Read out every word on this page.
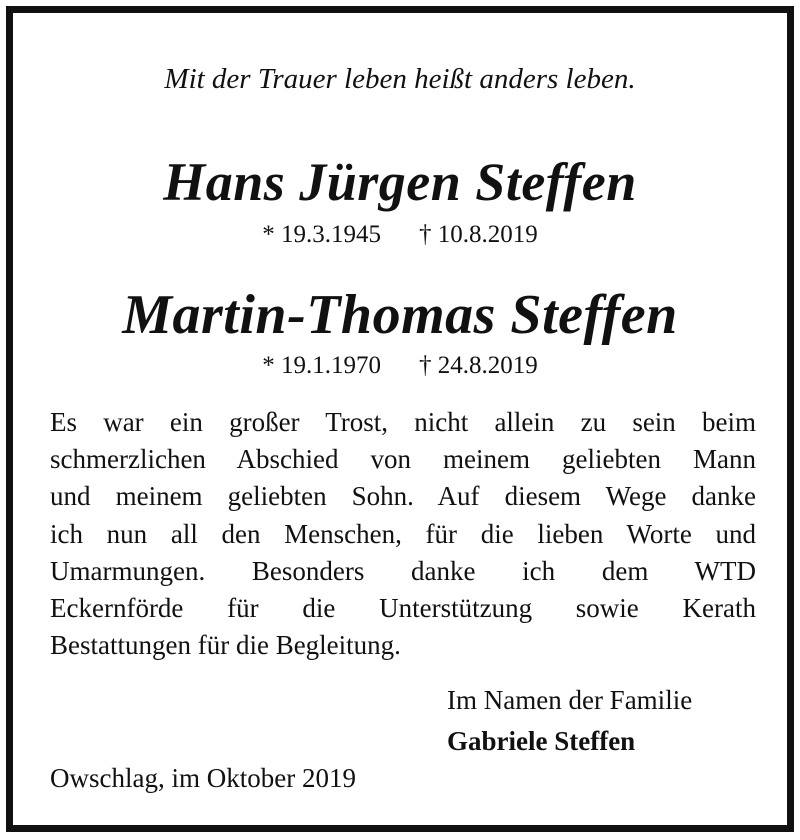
Mit der Trauer leben heißt anders leben.
Hans Jürgen Steffen
* 19.3.1945 † 10.8.2019
Martin-Thomas Steffen
* 19.1.1970 † 24.8.2019
Es war ein großer Trost, nicht allein zu sein beim
schmerzlichen Abschied von meinem geliebten Mann
und meinem geliebten Sohn. Auf diesem Wege danke
ich nun all den Menschen, für die lieben Worte und
Umarmungen. Besonders danke ich dem WTD
Eckernförde für die Unterstützung sowie Kerath
Bestattungen für die Begleitung.
Im Namen der Familie
Gabriele Steffen
Owschlag, im Oktober 2019
